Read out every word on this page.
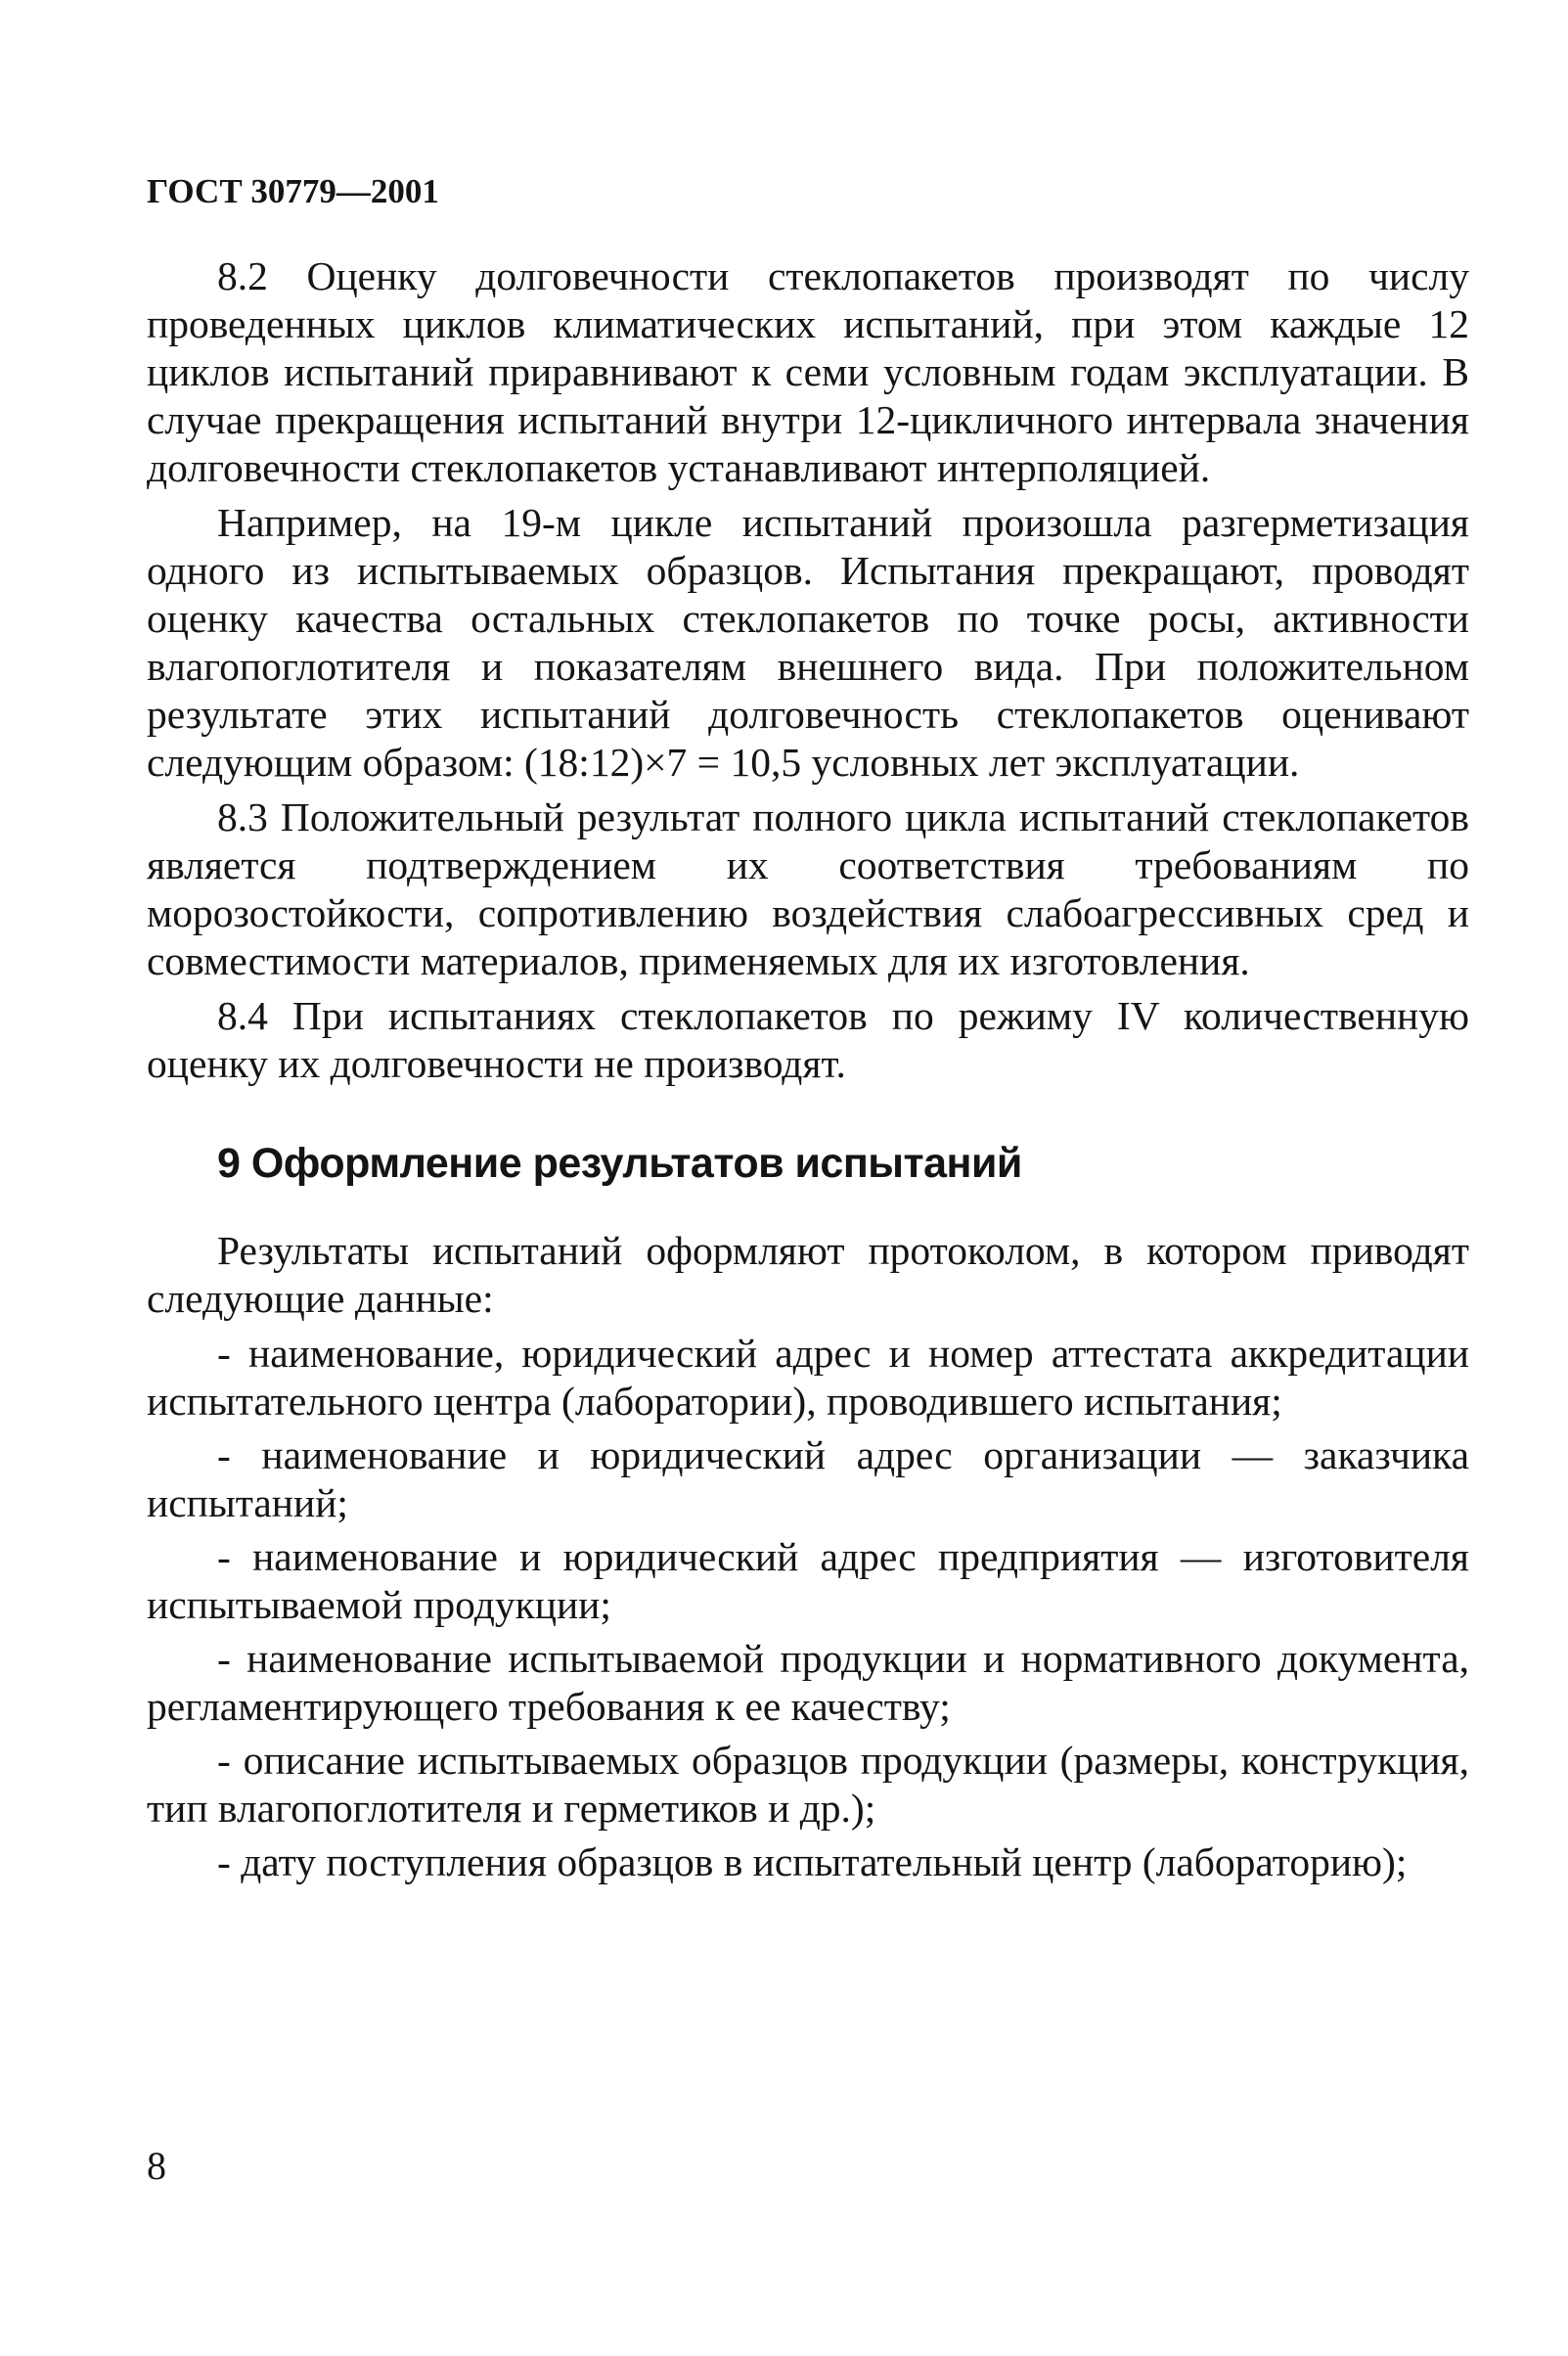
ГОСТ 30779—2001

8.2 Оценку долговечности стеклопакетов производят по числу проведенных циклов климатических испытаний, при этом каждые 12 циклов испытаний приравнивают к семи условным годам эксплуатации. В случае прекращения испытаний внутри 12-цикличного интервала значения долговечности стеклопакетов устанавливают интерполяцией.

Например, на 19-м цикле испытаний произошла разгерметизация одного из испытываемых образцов. Испытания прекращают, проводят оценку качества остальных стеклопакетов по точке росы, активности влагопоглотителя и показателям внешнего вида. При положительном результате этих испытаний долговечность стеклопакетов оценивают следующим образом: (18:12)×7 = 10,5 условных лет эксплуатации.

8.3 Положительный результат полного цикла испытаний стеклопакетов является подтверждением их соответствия требованиям по морозостойкости, сопротивлению воздействия слабоагрессивных сред и совместимости материалов, применяемых для их изготовления.

8.4 При испытаниях стеклопакетов по режиму IV количественную оценку их долговечности не производят.

9 Оформление результатов испытаний

Результаты испытаний оформляют протоколом, в котором приводят следующие данные:

- наименование, юридический адрес и номер аттестата аккредитации испытательного центра (лаборатории), проводившего испытания;

- наименование и юридический адрес организации — заказчика испытаний;

- наименование и юридический адрес предприятия — изготовителя испытываемой продукции;

- наименование испытываемой продукции и нормативного документа, регламентирующего требования к ее качеству;

- описание испытываемых образцов продукции (размеры, конструкция, тип влагопоглотителя и герметиков и др.);

- дату поступления образцов в испытательный центр (лабораторию);

8
